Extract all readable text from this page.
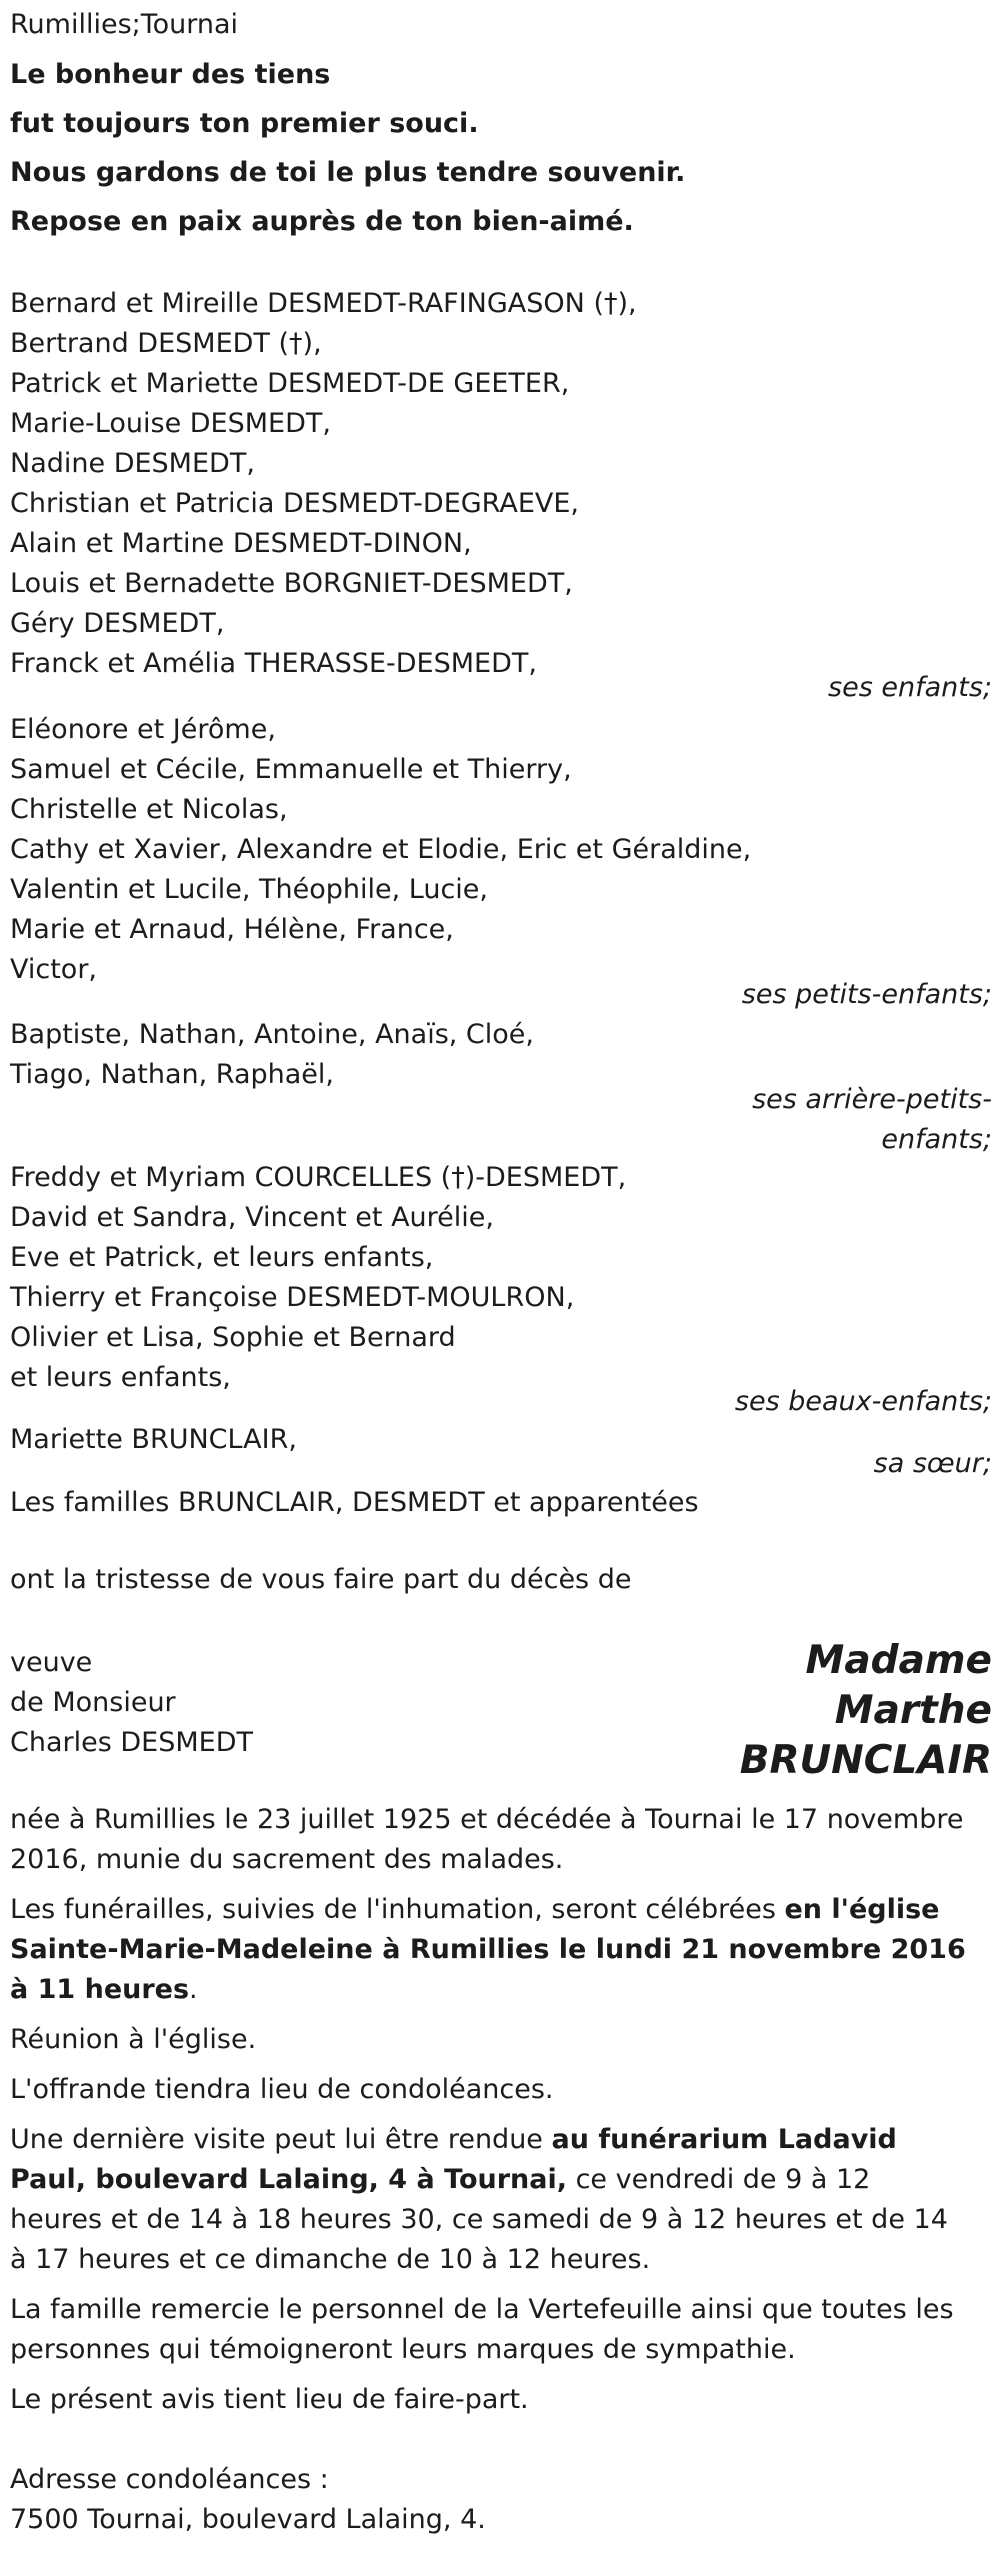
Rumillies;Tournai

Le bonheur des tiens

fut toujours ton premier souci.

Nous gardons de toi le plus tendre souvenir.

Repose en paix auprès de ton bien-aimé.

Bernard et Mireille DESMEDT-RAFINGASON (†),
Bertrand DESMEDT (†),
Patrick et Mariette DESMEDT-DE GEETER,
Marie-Louise DESMEDT,
Nadine DESMEDT,
Christian et Patricia DESMEDT-DEGRAEVE,
Alain et Martine DESMEDT-DINON,
Louis et Bernadette BORGNIET-DESMEDT,
Géry DESMEDT,
Franck et Amélia THERASSE-DESMEDT,
ses enfants;
Eléonore et Jérôme,
Samuel et Cécile, Emmanuelle et Thierry,
Christelle et Nicolas,
Cathy et Xavier, Alexandre et Elodie, Eric et Géraldine,
Valentin et Lucile, Théophile, Lucie,
Marie et Arnaud, Hélène, France,
Victor,
ses petits-enfants;
Baptiste, Nathan, Antoine, Anaïs, Cloé,
Tiago, Nathan, Raphaël,
ses arrière-petits-
enfants;
Freddy et Myriam COURCELLES (†)-DESMEDT,
David et Sandra, Vincent et Aurélie,
Eve et Patrick, et leurs enfants,
Thierry et Françoise DESMEDT-MOULRON,
Olivier et Lisa, Sophie et Bernard
et leurs enfants,
ses beaux-enfants;

Mariette BRUNCLAIR,

sa sœur;

Les familles BRUNCLAIR, DESMEDT et apparentées

ont la tristesse de vous faire part du décès de

veuve
de Monsieur
Charles DESMEDT
Madame
Marthe
BRUNCLAIR

née à Rumillies le 23 juillet 1925 et décédée à Tournai le 17 novembre 2016, munie du sacrement des malades.

Les funérailles, suivies de l'inhumation, seront célébrées en l'église Sainte-Marie-Madeleine à Rumillies le lundi 21 novembre 2016 à 11 heures.

Réunion à l'église.

L'offrande tiendra lieu de condoléances.

Une dernière visite peut lui être rendue au funérarium Ladavid Paul, boulevard Lalaing, 4 à Tournai, ce vendredi de 9 à 12 heures et de 14 à 18 heures 30, ce samedi de 9 à 12 heures et de 14 à 17 heures et ce dimanche de 10 à 12 heures.

La famille remercie le personnel de la Vertefeuille ainsi que toutes les personnes qui témoigneront leurs marques de sympathie.

Le présent avis tient lieu de faire-part.

Adresse condoléances :

7500 Tournai, boulevard Lalaing, 4.
